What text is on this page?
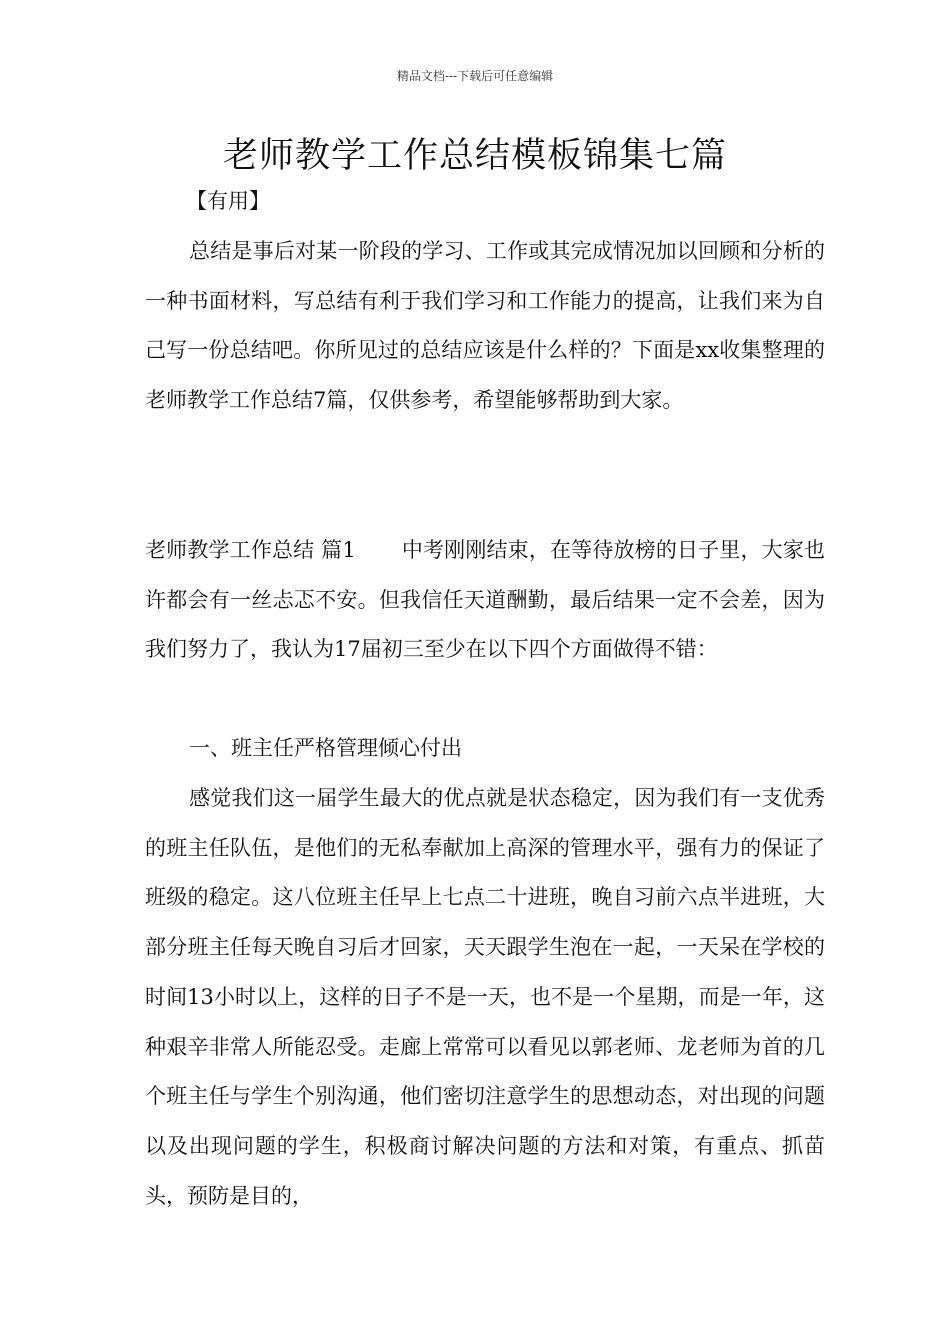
精品文档---下载后可任意编辑
老师教学工作总结模板锦集七篇
【有用】

总结是事后对某一阶段的学习、工作或其完成情况加以回顾和分析的一种书面材料，写总结有利于我们学习和工作能力的提高，让我们来为自己写一份总结吧。你所见过的总结应该是什么样的？下面是xx收集整理的老师教学工作总结7篇，仅供参考，希望能够帮助到大家。

老师教学工作总结 篇1 中考刚刚结束，在等待放榜的日子里，大家也许都会有一丝忐忑不安。但我信任天道酬勤，最后结果一定不会差，因为我们努力了，我认为17届初三至少在以下四个方面做得不错：

一、班主任严格管理倾心付出

感觉我们这一届学生最大的优点就是状态稳定，因为我们有一支优秀的班主任队伍，是他们的无私奉献加上高深的管理水平，强有力的保证了班级的稳定。这八位班主任早上七点二十进班，晚自习前六点半进班，大部分班主任每天晚自习后才回家，天天跟学生泡在一起，一天呆在学校的时间13小时以上，这样的日子不是一天，也不是一个星期，而是一年，这种艰辛非常人所能忍受。走廊上常常可以看见以郭老师、龙老师为首的几个班主任与学生个别沟通，他们密切注意学生的思想动态，对出现的问题以及出现问题的学生，积极商讨解决问题的方法和对策，有重点、抓苗头，预防是目的，
